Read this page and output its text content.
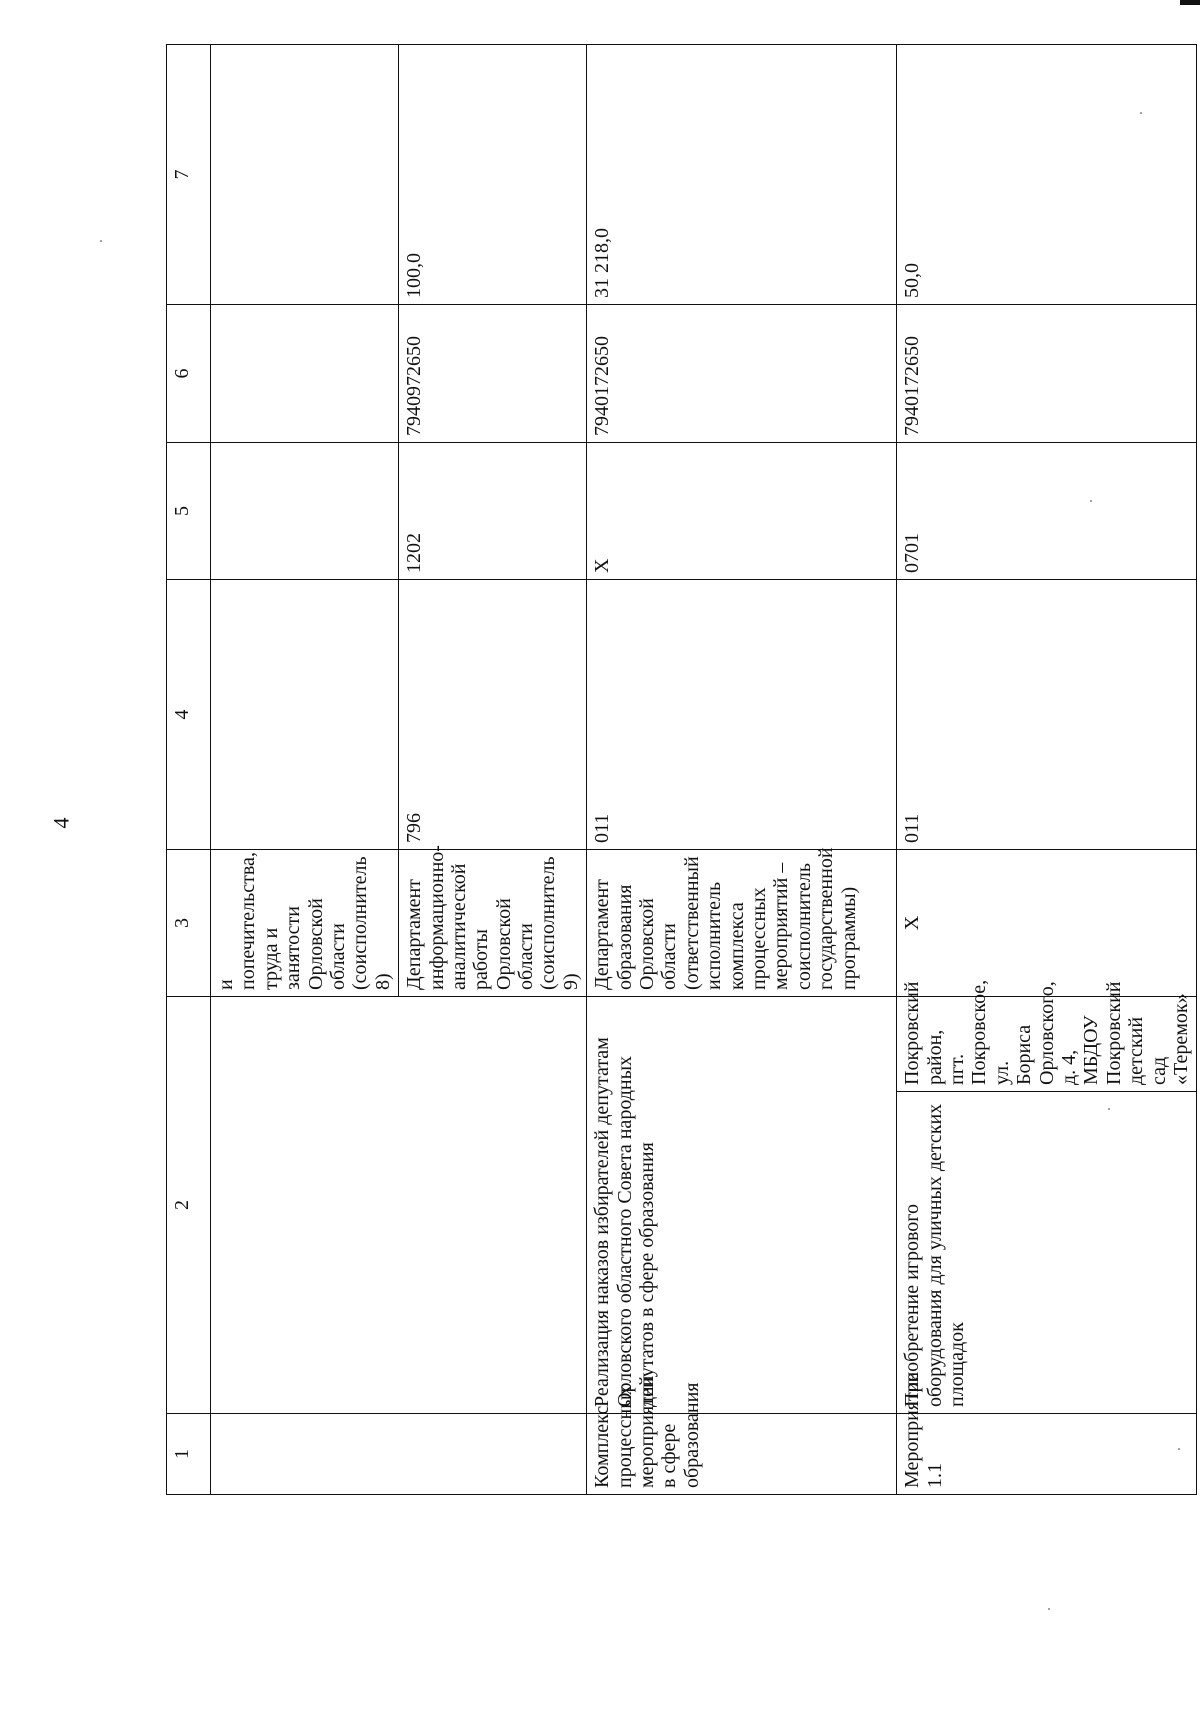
4
1	2		3	4	5	6	7
			и попечительства, труда и занятости Орловской области (соисполнитель 8)				
			Департамент информационно-аналитической работы Орловской области (соисполнитель 9)	796	1202	7940972650	100,0
Комплекс процессных мероприятий в сфере образования	Реализация наказов избирателей депутатам Орловского областного Совета народных депутатов в сфере образования		Департамент образования Орловской области (ответственный исполнитель комплекса процессных мероприятий – соисполнитель государственной программы)	011	X	7940172650	31 218,0
Мероприятие 1.1	Приобретение игрового оборудования для уличных детских площадок	Покровский район, пгт. Покровское, ул. Бориса Орловского, д. 4, МБДОУ Покровский детский сад «Теремок»	X	011	0701	7940172650	50,0
